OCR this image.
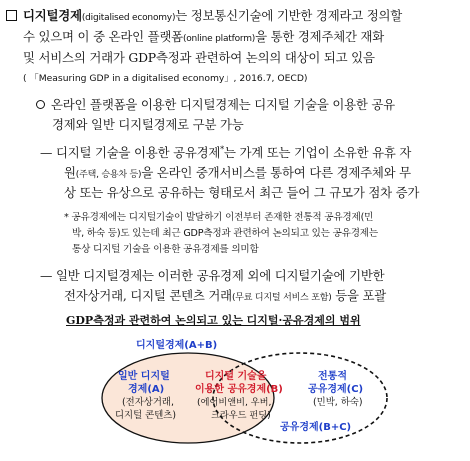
디지털경제(digitalised economy)는 정보통신기술에 기반한 경제라고 정의할
수 있으며 이 중 온라인 플랫폼(online platform)을 통한 경제주체간 재화
및 서비스의 거래가 GDP측정과 관련하여 논의의 대상이 되고 있음
( 「Measuring GDP in a digitalised economy」, 2016.7, OECD)
온라인 플랫폼을 이용한 디지털경제는 디지털 기술을 이용한 공유
경제와 일반 디지털경제로 구분 가능
— 디지털 기술을 이용한 공유경제*는 가계 또는 기업이 소유한 유휴 자
원(주택, 승용차 등)을 온라인 중개서비스를 통하여 다른 경제주체와 무
상 또는 유상으로 공유하는 형태로서 최근 들어 그 규모가 점차 증가
* 공유경제에는 디지털기술이 발달하기 이전부터 존재한 전통적 공유경제(민
박, 하숙 등)도 있는데 최근 GDP측정과 관련하여 논의되고 있는 공유경제는
통상 디지털 기술을 이용한 공유경제를 의미함
— 일반 디지털경제는 이러한 공유경제 외에 디지털기술에 기반한
전자상거래, 디지털 콘텐츠 거래(무료 디지털 서비스 포함) 등을 포괄
GDP측정과 관련하여 논의되고 있는 디지털·공유경제의 범위
디지털경제(A+B)
일반 디지털
경제(A)
(전자상거래,
디지털 콘텐츠)
디지털 기술을
이용한 공유경제(B)
(에어비앤비, 우버,
크라우드 펀딩)
전통적
공유경제(C)
(민박, 하숙)
공유경제(B+C)
